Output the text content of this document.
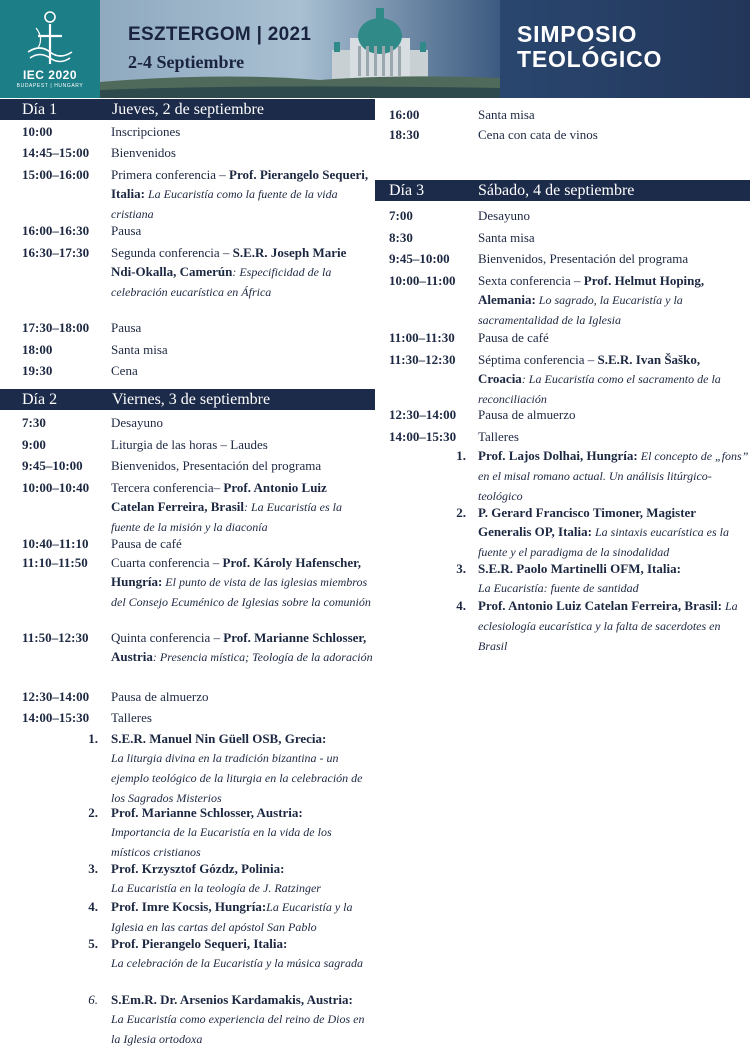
IEC 2020
BUDAPEST | HUNGARY
ESZTERGOM | 2021
2-4 Septiembre
SIMPOSIO
TEOLÓGICO
Día 1	Jueves, 2 de septiembre
10:00	Inscripciones
14:45–15:00 Bienvenidos
15:00–16:00 Primera conferencia – Prof. Pierangelo Sequeri, Italia: La Eucaristía como la fuente de la vida cristiana
16:00–16:30 Pausa
16:30–17:30 Segunda conferencia – S.E.R. Joseph Marie Ndi-Okalla, Camerún: Especificidad de la celebración eucarística en África
17:30–18:00 Pausa
18:00	Santa misa
19:30	Cena
Día 2	Viernes, 3 de septiembre
7:30	Desayuno
9:00	Liturgia de las horas – Laudes
9:45–10:00 Bienvenidos, Presentación del programa
10:00–10:40 Tercera conferencia– Prof. Antonio Luiz Catelan Ferreira, Brasil: La Eucaristía es la fuente de la misión y la diaconía
10:40–11:10 Pausa de café
11:10–11:50 Cuarta conferencia – Prof. Károly Hafenscher, Hungría: El punto de vista de las iglesias miembros del Consejo Ecuménico de Iglesias sobre la comunión
11:50–12:30 Quinta conferencia – Prof. Marianne Schlosser, Austria: Presencia mística; Teología de la adoración
12:30–14:00 Pausa de almuerzo
14:00–15:30 Talleres
1. S.E.R. Manuel Nin Güell OSB, Grecia:
La liturgia divina en la tradición bizantina - un ejemplo teológico de la liturgia en la celebración de los Sagrados Misterios
2. Prof. Marianne Schlosser, Austria:
Importancia de la Eucaristía en la vida de los místicos cristianos
3. Prof. Krzysztof Gózdz, Polinia:
La Eucaristía en la teología de J. Ratzinger
4. Prof. Imre Kocsis, Hungría:La Eucaristía y la Iglesia en las cartas del apóstol San Pablo
5. Prof. Pierangelo Sequeri, Italia:
La celebración de la Eucaristía y la música sagrada
6. S.Em.R. Dr. Arsenios Kardamakis, Austria:
La Eucaristía como experiencia del reino de Dios en la Iglesia ortodoxa
16:00	Santa misa
18:30	Cena con cata de vinos
Día 3	Sábado, 4 de septiembre
7:00	Desayuno
8:30	Santa misa
9:45–10:00 Bienvenidos, Presentación del programa
10:00–11:00 Sexta conferencia – Prof. Helmut Hoping, Alemania: Lo sagrado, la Eucaristía y la sacramentalidad de la Iglesia
11:00–11:30 Pausa de café
11:30–12:30 Séptima conferencia – S.E.R. Ivan Šaško, Croacia: La Eucaristía como el sacramento de la reconciliación
12:30–14:00 Pausa de almuerzo
14:00–15:30 Talleres
1. Prof. Lajos Dolhai, Hungría: El concepto de „fons” en el misal romano actual. Un análisis litúrgico-teológico
2. P. Gerard Francisco Timoner, Magister Generalis OP, Italia: La sintaxis eucarística es la fuente y el paradigma de la sinodalidad
3. S.E.R. Paolo Martinelli OFM, Italia:
La Eucaristía: fuente de santidad
4. Prof. Antonio Luiz Catelan Ferreira, Brasil: La eclesiología eucarística y la falta de sacerdotes en Brasil
